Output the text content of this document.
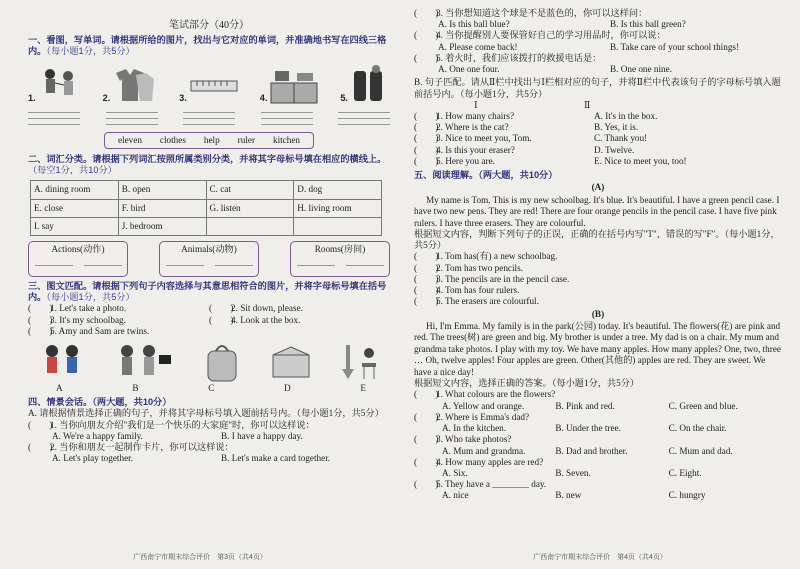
笔试部分（40分）
一、看图，写单词。请根据所给的图片，找出与它对应的单词，并准确地书写在四线三格内。（每小题1分，共5分）
1.	2.	3.	4.	5.
eleven clothes help ruler kitchen
二、词汇分类。请根据下列词汇按照所属类别分类，并将其字母标号填在相应的横线上。（每空1分，共10分）
A. dining room	B. open	C. cat	D. dog
E. close	F. bird	G. listen	H. living room
I. say	J. bedroom		
Actions(动作)	Animals(动物)	Rooms(房间)
三、图文匹配。请根据下列句子内容选择与其意思相符合的图片，并将字母标号填在括号内。（每小题1分，共5分）
(　　)
1. Let's take a photo.	(　　)
2. Sit down, please.
(　　)
3. It's my schoolbag.	(　　)
4. Look at the box.
(　　)
5. Amy and Sam are twins.
A	B	C	D	E
四、情景会话。（两大题，共10分）
A. 请根据情景选择正确的句子，并将其字母标号填入题前括号内。（每小题1分，共5分）
(　　)
1. 当你向朋友介绍"我们是一个快乐的大家庭"时，你可以这样说：
A. We're a happy family.	B. I have a happy day.
(　　)
2. 当你和朋友一起制作卡片，你可以这样说：
A. Let's play together.	B. Let's make a card together.
广西南宁市期末综合评价　第3页（共4页）
(　　)
3. 当你想知道这个球是不是蓝色的，你可以这样问：
A. Is this ball blue?	B. Is this ball green?
(　　)
4. 当你提醒别人要保管好自己的学习用品时，你可以说：
A. Please come back!	B. Take care of your school things!
(　　)
5. 着火时，我们应该拨打的救援电话是：
A. One one four.	B. One one nine.
B. 句子匹配。请从Ⅱ栏中找出与Ⅰ栏相对应的句子，并将Ⅱ栏中代表该句子的字母标号填入题前括号内。（每小题1分，共5分）
Ⅰ	Ⅱ
(　　)
1. How many chairs?	A. It's in the box.
(　　)
2. Where is the cat?	B. Yes, it is.
(　　)
3. Nice to meet you, Tom.	C. Thank you!
(　　)
4. Is this your eraser?	D. Twelve.
(　　)
5. Here you are.	E. Nice to meet you, too!
五、阅读理解。（两大题，共10分）
(A)
My name is Tom. This is my new schoolbag. It's blue. It's beautiful. I have a green pencil case. I have two new pens. They are red! There are four orange pencils in the pencil case. I have five pink rulers. I have three erasers. They are colourful.
根据短文内容，判断下列句子的正误，正确的在括号内写"T"，错误的写"F"。（每小题1分，共5分）
(　　)
1. Tom has(有) a new schoolbag.
(　　)
2. Tom has two pencils.
(　　)
3. The pencils are in the pencil case.
(　　)
4. Tom has four rulers.
(　　)
5. The erasers are colourful.
(B)
Hi, I'm Emma. My family is in the park(公园) today. It's beautiful. The flowers(花) are pink and red. The trees(树) are green and big. My brother is under a tree. My dad is on a chair. My mum and grandma take photos. I play with my toy. We have many apples. How many apples? One, two, three … Oh, twelve apples! Four apples are green. Other(其他的) apples are red. They are sweet. We have a nice day!
根据短文内容，选择正确的答案。（每小题1分，共5分）
(　　)
1. What colours are the flowers?
A. Yellow and orange.	B. Pink and red.	C. Green and blue.
(　　)
2. Where is Emma's dad?
A. In the kitchen.	B. Under the tree.	C. On the chair.
(　　)
3. Who take photos?
A. Mum and grandma.	B. Dad and brother.	C. Mum and dad.
(　　)
4. How many apples are red?
A. Six.	B. Seven.	C. Eight.
(　　)
5. They have a ________ day.
A. nice	B. new	C. hungry
广西南宁市期末综合评价　第4页（共4页）
